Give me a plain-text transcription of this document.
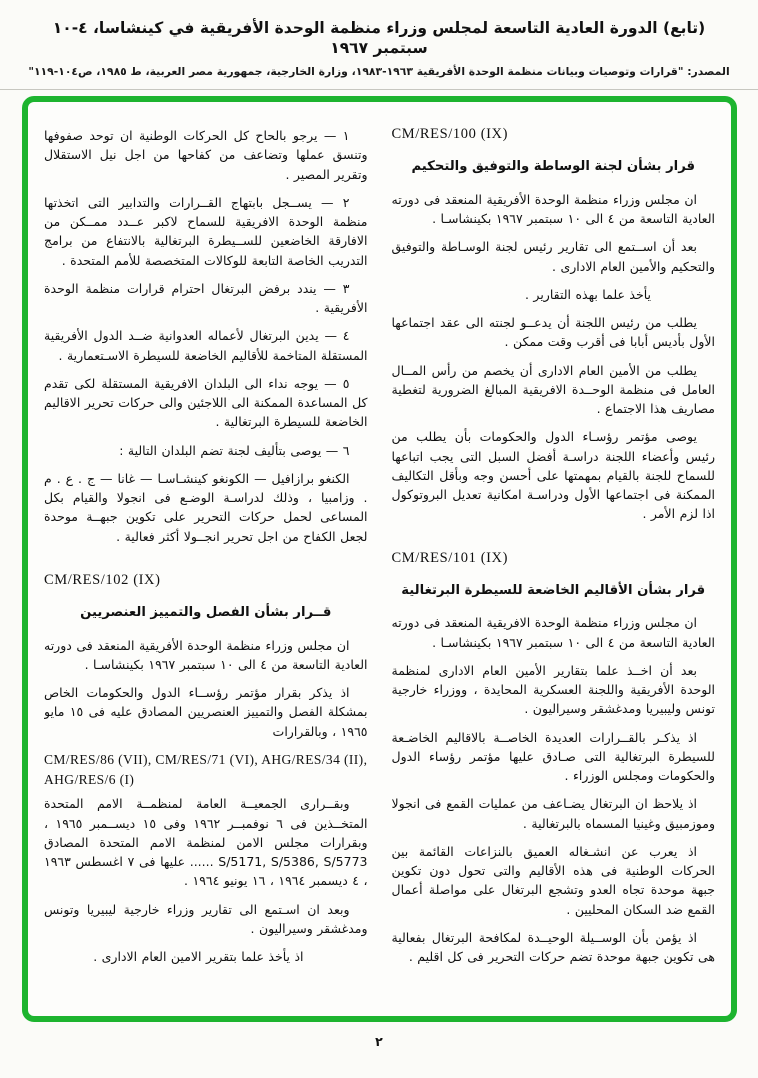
(تابع) الدورة العادية التاسعة لمجلس وزراء منظمة الوحدة الأفريقية في كينشاسا، ٤-١٠ سبتمبر ١٩٦٧
المصدر: "قرارات وتوصيات وبيانات منظمة الوحدة الأفريقية ١٩٦٣-١٩٨٣، وزارة الخارجية، جمهورية مصر العربية، ط ١٩٨٥، ص١٠٤-١١٩"
CM/RES/100 (IX)
قرار بشأن لجنة الوساطة والتوفيق والتحكيم

ان مجلس وزراء منظمة الوحدة الأفريقية المنعقد فى دورته العادية التاسعة من ٤ الى ١٠ سبتمبر ١٩٦٧ بكينشاسـا .

بعد أن اســتمع الى تقارير رئيس لجنة الوسـاطة والتوفيق والتحكيم والأمين العام الادارى .

يأخذ علما بهذه التقارير .

يطلب من رئيس اللجنة أن يدعــو لجنته الى عقد اجتماعها الأول بأديس أبابا فى أقرب وقت ممكن .

يطلب من الأمين العام الادارى أن يخصم من رأس المــال العامل فى منظمة الوحــدة الافريقية المبالغ الضرورية لتغطية مصاريف هذا الاجتماع .

يوصى مؤتمر رؤسـاء الدول والحكومات بأن يطلب من رئيس وأعضاء اللجنة دراسـة أفضل السبل التى يجب اتباعها للسماح للجنة بالقيام بمهمتها على أحسن وجه وبأقل التكاليف الممكنة فى اجتماعها الأول ودراسـة امكانية تعديل البروتوكول اذا لزم الأمر .

CM/RES/101 (IX)
قرار بشأن الأقاليم الخاضعة للسيطرة البرتغالية

ان مجلس وزراء منظمة الوحدة الافريقية المنعقد فى دورته العادية التاسعة من ٤ الى ١٠ سبتمبر ١٩٦٧ بكينشاسـا .

بعد أن اخــذ علما بتقارير الأمين العام الادارى لمنظمة الوحدة الأفريقية واللجنة العسكرية المحايدة ، ووزراء خارجية تونس وليبيريا ومدغشقر وسيراليون .

اذ يذكـر بالقــرارات العديدة الخاصــة بالاقاليم الخاضـعة للسيطرة البرتغالية التى صـادق عليها مؤتمر رؤساء الدول والحكومات ومجلس الوزراء .

اذ يلاحظ ان البرتغال يضـاعف من عمليات القمع فى انجولا وموزمبيق وغينيا المسماه بالبرتغالية .

اذ يعرب عن انشـغاله العميق بالنزاعات القائمة بين الحركات الوطنية فى هذه الأقاليم والتى تحول دون تكوين جبهة موحدة تجاه العدو وتشجع البرتغال على مواصلة أعمال القمع ضد السكان المحليين .

اذ يؤمن بأن الوســيلة الوحيــدة لمكافحة البرتغال بفعالية هى تكوين جبهة موحدة تضم حركات التحرير فى كل اقليم .

١ — يرجو بالحاح كل الحركات الوطنية ان توحد صفوفها وتنسق عملها وتضاعف من كفاحها من اجل نيل الاستقلال وتقرير المصير .

٢ — يســجل بابتهاج القــرارات والتدابير التى اتخذتها منظمة الوحدة الافريقية للسماح لاكبر عــدد ممــكن من الافارقة الخاضعين للســيطرة البرتغالية بالانتفاع من برامج التدريب الخاصة التابعة للوكالات المتخصصة للأمم المتحدة .

٣ — يندد برفض البرتغال احترام قرارات منظمة الوحدة الأفريقية .

٤ — يدين البرتغال لأعماله العدوانية ضــد الدول الأفريقية المستقلة المتاخمة للأقاليم الخاضعة للسيطرة الاسـتعمارية .

٥ — يوجه نداء الى البلدان الافريقية المستقلة لكى تقدم كل المساعدة الممكنة الى اللاجئين والى حركات تحرير الاقاليم الخاضعة للسيطرة البرتغالية .

٦ — يوصى بتأليف لجنة تضم البلدان التالية :

الكنغو برازافيل — الكونغو كينشـاسـا — غانا — ج . ع . م . وزامبيا ، وذلك لدراسـة الوضـع فى انجولا والقيام بكل المساعى لحمل حركات التحرير على تكوين جبهــة موحدة لجعل الكفاح من اجل تحرير انجــولا أكثر فعالية .

CM/RES/102 (IX)
قــرار بشأن الفصل والتمييز العنصريين

ان مجلس وزراء منظمة الوحدة الأفريقية المنعقد فى دورته العادية التاسعة من ٤ الى ١٠ سبتمبر ١٩٦٧ بكينشاسـا .

اذ يذكر بقرار مؤتمر رؤســاء الدول والحكومات الخاص بمشكلة الفصل والتمييز العنصريين المصادق عليه فى ١٥ مايو ١٩٦٥ ، وبالقرارات

CM/RES/86 (VII), CM/RES/71 (VI), AHG/RES/34 (II), AHG/RES/6 (I)

وبقــرارى الجمعيــة العامة لمنظمــة الامم المتحدة المتخــذين فى ٦ نوفمبــر ١٩٦٢ وفى ١٥ ديســمبر ١٩٦٥ ، وبقرارات مجلس الامن لمنظمة الامم المتحدة المصادق S/5171, S/5386, S/5773 ...... عليها فى ٧ اغسطس ١٩٦٣ ، ٤ ديسمبر ١٩٦٤ ، ١٦ يونيو ١٩٦٤ .

وبعد ان اسـتمع الى تقارير وزراء خارجية ليبيريا وتونس ومدغشقر وسيراليون .

اذ يأخذ علما بتقرير الامين العام الادارى .

٢
